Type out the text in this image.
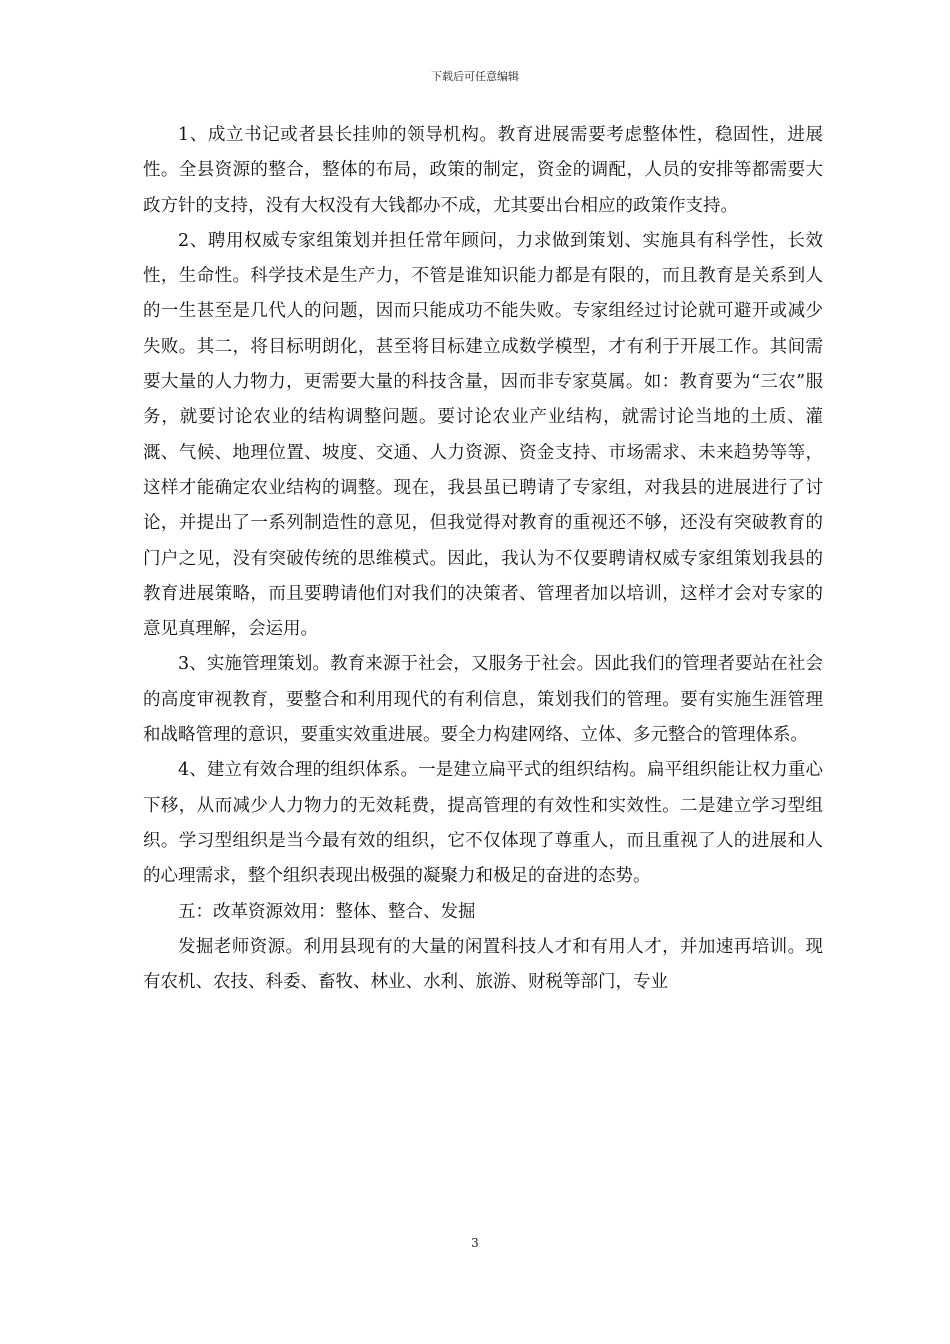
下载后可任意编辑

1、成立书记或者县长挂帅的领导机构。教育进展需要考虑整体性，稳固性，进展性。全县资源的整合，整体的布局，政策的制定，资金的调配，人员的安排等都需要大政方针的支持，没有大权没有大钱都办不成，尤其要出台相应的政策作支持。

2、聘用权威专家组策划并担任常年顾问，力求做到策划、实施具有科学性，长效性，生命性。科学技术是生产力，不管是谁知识能力都是有限的，而且教育是关系到人的一生甚至是几代人的问题，因而只能成功不能失败。专家组经过讨论就可避开或减少失败。其二，将目标明朗化，甚至将目标建立成数学模型，才有利于开展工作。其间需要大量的人力物力，更需要大量的科技含量，因而非专家莫属。如：教育要为“三农”服务，就要讨论农业的结构调整问题。要讨论农业产业结构，就需讨论当地的土质、灌溉、气候、地理位置、坡度、交通、人力资源、资金支持、市场需求、未来趋势等等，这样才能确定农业结构的调整。现在，我县虽已聘请了专家组，对我县的进展进行了讨论，并提出了一系列制造性的意见，但我觉得对教育的重视还不够，还没有突破教育的门户之见，没有突破传统的思维模式。因此，我认为不仅要聘请权威专家组策划我县的教育进展策略，而且要聘请他们对我们的决策者、管理者加以培训，这样才会对专家的意见真理解，会运用。

3、实施管理策划。教育来源于社会，又服务于社会。因此我们的管理者要站在社会的高度审视教育，要整合和利用现代的有利信息，策划我们的管理。要有实施生涯管理和战略管理的意识，要重实效重进展。要全力构建网络、立体、多元整合的管理体系。

4、建立有效合理的组织体系。一是建立扁平式的组织结构。扁平组织能让权力重心下移，从而减少人力物力的无效耗费，提高管理的有效性和实效性。二是建立学习型组织。学习型组织是当今最有效的组织，它不仅体现了尊重人，而且重视了人的进展和人的心理需求，整个组织表现出极强的凝聚力和极足的奋进的态势。

五：改革资源效用：整体、整合、发掘

发掘老师资源。利用县现有的大量的闲置科技人才和有用人才，并加速再培训。现有农机、农技、科委、畜牧、林业、水利、旅游、财税等部门，专业

3
